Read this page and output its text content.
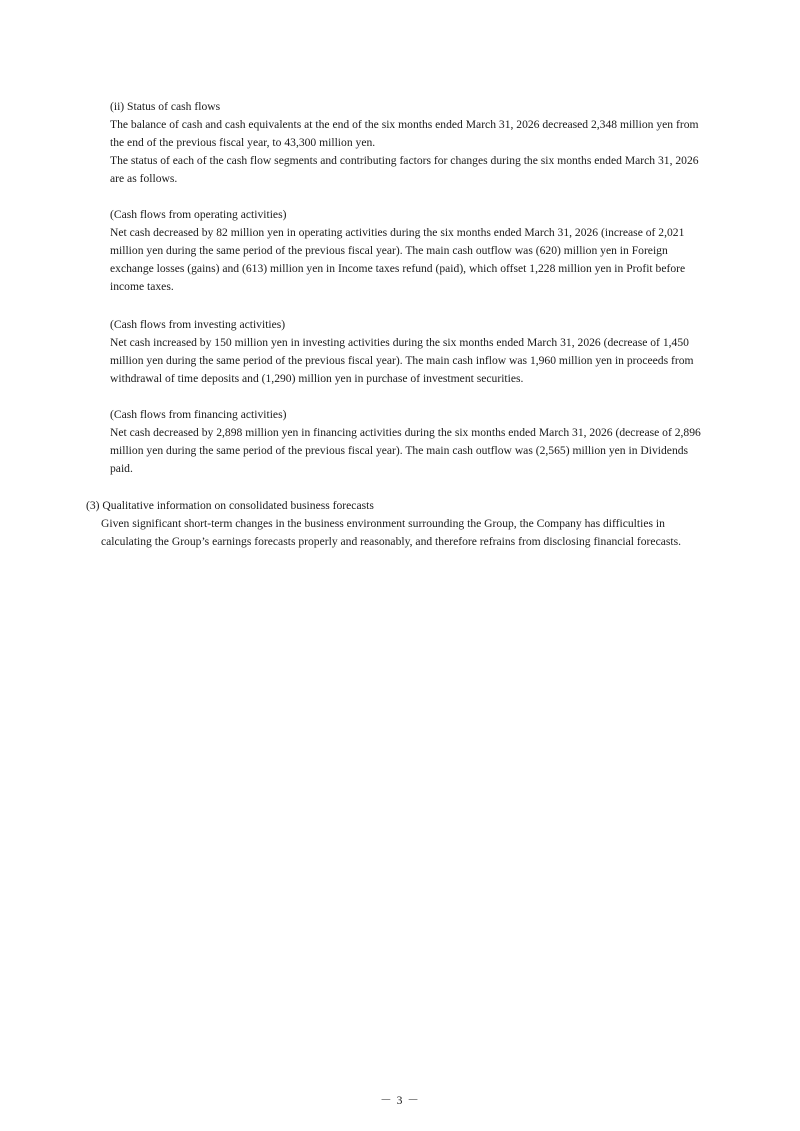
(ii) Status of cash flows
The balance of cash and cash equivalents at the end of the six months ended March 31, 2026 decreased 2,348 million yen from
the end of the previous fiscal year, to 43,300 million yen.
The status of each of the cash flow segments and contributing factors for changes during the six months ended March 31, 2026
are as follows.
(Cash flows from operating activities)
Net cash decreased by 82 million yen in operating activities during the six months ended March 31, 2026 (increase of 2,021
million yen during the same period of the previous fiscal year). The main cash outflow was (620) million yen in Foreign
exchange losses (gains) and (613) million yen in Income taxes refund (paid), which offset 1,228 million yen in Profit before
income taxes.
(Cash flows from investing activities)
Net cash increased by 150 million yen in investing activities during the six months ended March 31, 2026 (decrease of 1,450
million yen during the same period of the previous fiscal year). The main cash inflow was 1,960 million yen in proceeds from
withdrawal of time deposits and (1,290) million yen in purchase of investment securities.
(Cash flows from financing activities)
Net cash decreased by 2,898 million yen in financing activities during the six months ended March 31, 2026 (decrease of 2,896
million yen during the same period of the previous fiscal year). The main cash outflow was (2,565) million yen in Dividends
paid.
(3) Qualitative information on consolidated business forecasts
Given significant short-term changes in the business environment surrounding the Group, the Company has difficulties in
calculating the Group’s earnings forecasts properly and reasonably, and therefore refrains from disclosing financial forecasts.
－ 3 －
